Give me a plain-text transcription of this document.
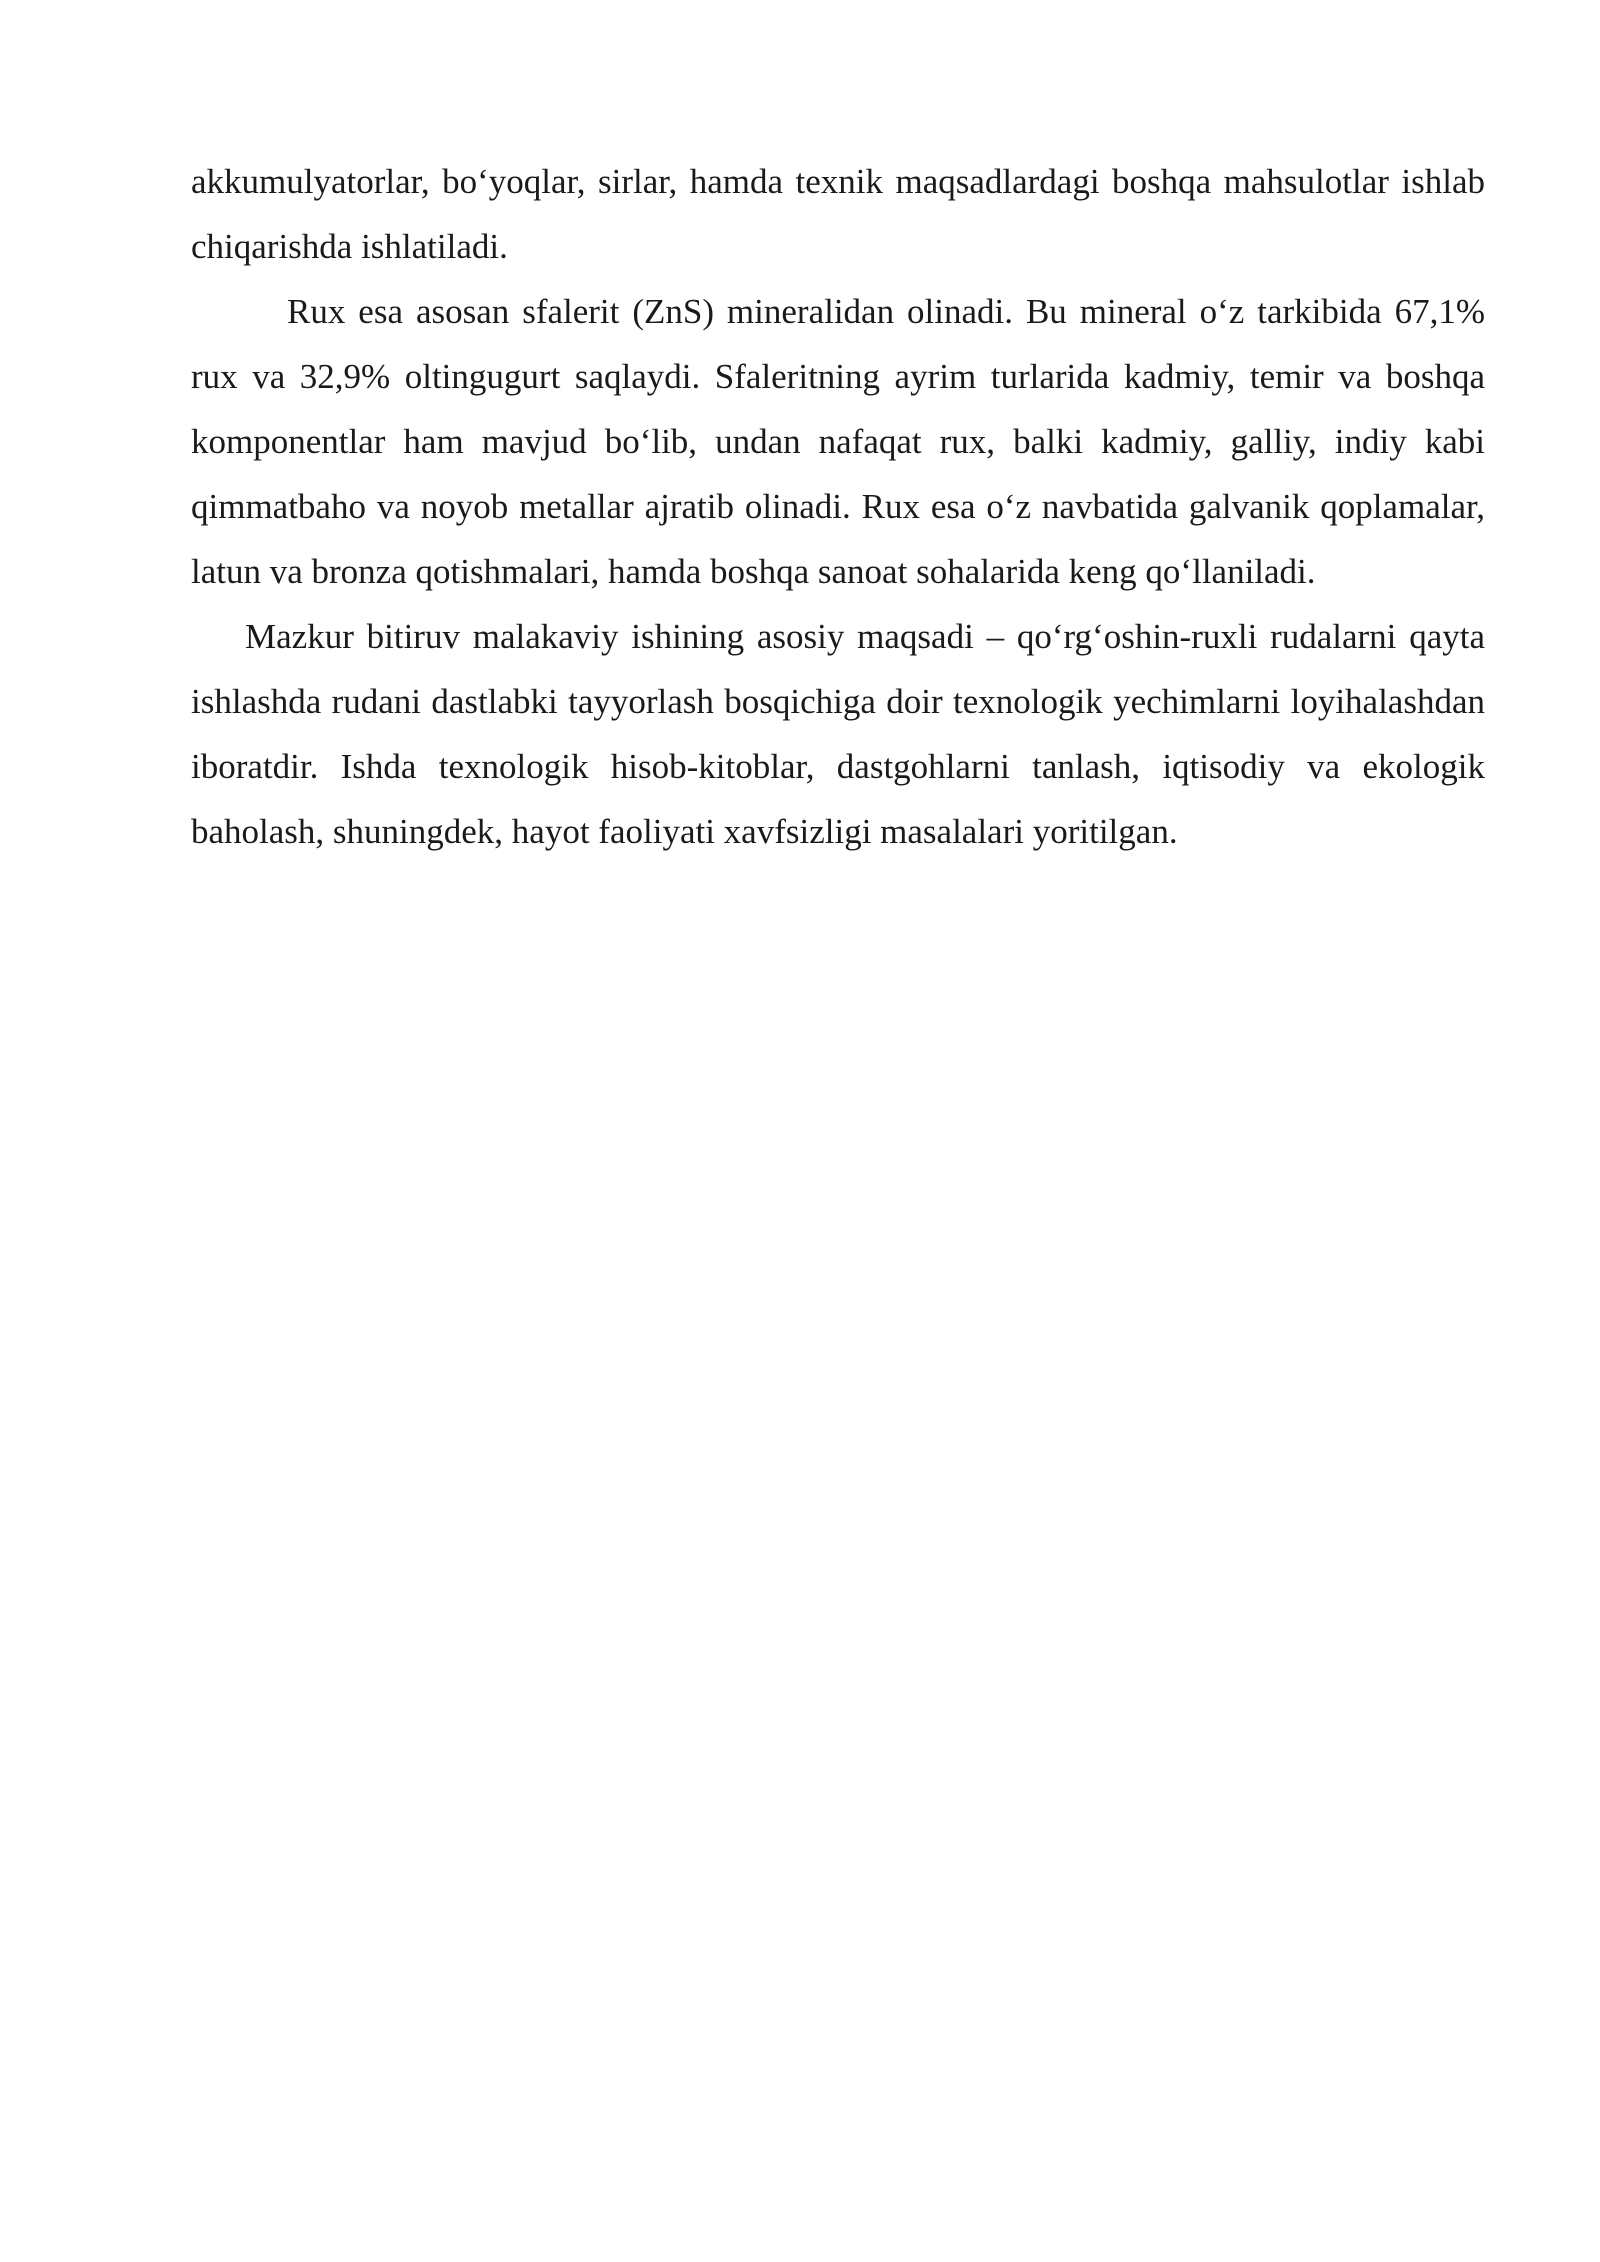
akkumulyatorlar, bo‘yoqlar, sirlar, hamda texnik maqsadlardagi boshqa mahsulotlar ishlab chiqarishda ishlatiladi.

Rux esa asosan sfalerit (ZnS) mineralidan olinadi. Bu mineral o‘z tarkibida 67,1% rux va 32,9% oltingugurt saqlaydi. Sfaleritning ayrim turlarida kadmiy, temir va boshqa komponentlar ham mavjud bo‘lib, undan nafaqat rux, balki kadmiy, galliy, indiy kabi qimmatbaho va noyob metallar ajratib olinadi. Rux esa o‘z navbatida galvanik qoplamalar, latun va bronza qotishmalari, hamda boshqa sanoat sohalarida keng qo‘llaniladi.

Mazkur bitiruv malakaviy ishining asosiy maqsadi – qo‘rg‘oshin-ruxli rudalarni qayta ishlashda rudani dastlabki tayyorlash bosqichiga doir texnologik yechimlarni loyihalashdan iboratdir. Ishda texnologik hisob-kitoblar, dastgohlarni tanlash, iqtisodiy va ekologik baholash, shuningdek, hayot faoliyati xavfsizligi masalalari yoritilgan.
